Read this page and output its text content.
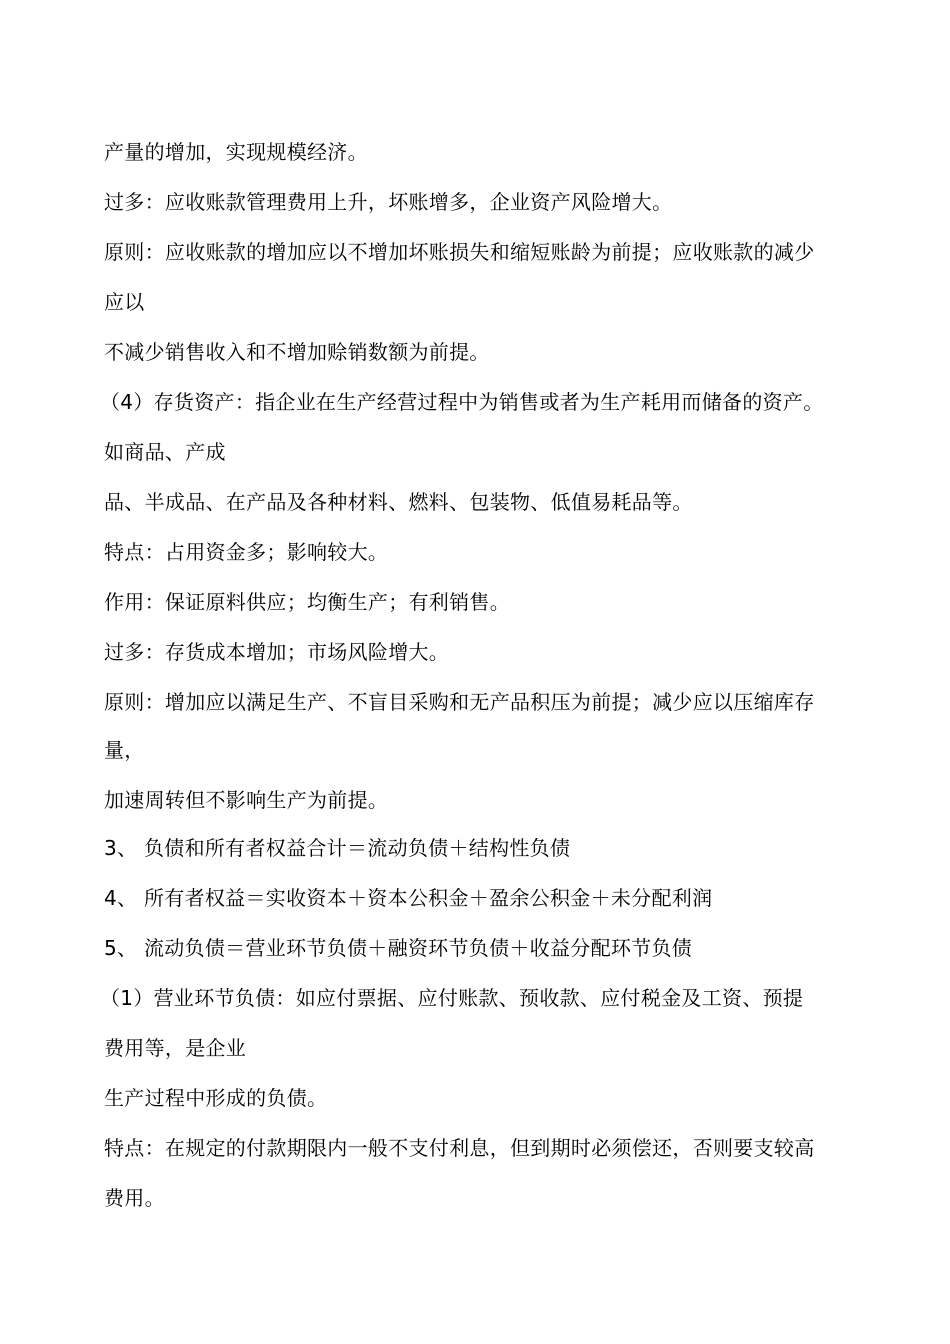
产量的增加，实现规模经济。
过多：应收账款管理费用上升，坏账增多，企业资产风险增大。
原则：应收账款的增加应以不增加坏账损失和缩短账龄为前提；应收账款的减少
应以
不减少销售收入和不增加赊销数额为前提。
（4）存货资产：指企业在生产经营过程中为销售或者为生产耗用而储备的资产。
如商品、产成
品、半成品、在产品及各种材料、燃料、包装物、低值易耗品等。
特点：占用资金多；影响较大。
作用：保证原料供应；均衡生产；有利销售。
过多：存货成本增加；市场风险增大。
原则：增加应以满足生产、不盲目采购和无产品积压为前提；减少应以压缩库存
量，
加速周转但不影响生产为前提。
3、 负债和所有者权益合计＝流动负债＋结构性负债
4、 所有者权益＝实收资本＋资本公积金＋盈余公积金＋未分配利润
5、 流动负债＝营业环节负债＋融资环节负债＋收益分配环节负债
（1）营业环节负债：如应付票据、应付账款、预收款、应付税金及工资、预提
费用等，是企业
生产过程中形成的负债。
特点：在规定的付款期限内一般不支付利息，但到期时必须偿还，否则要支较高
费用。
